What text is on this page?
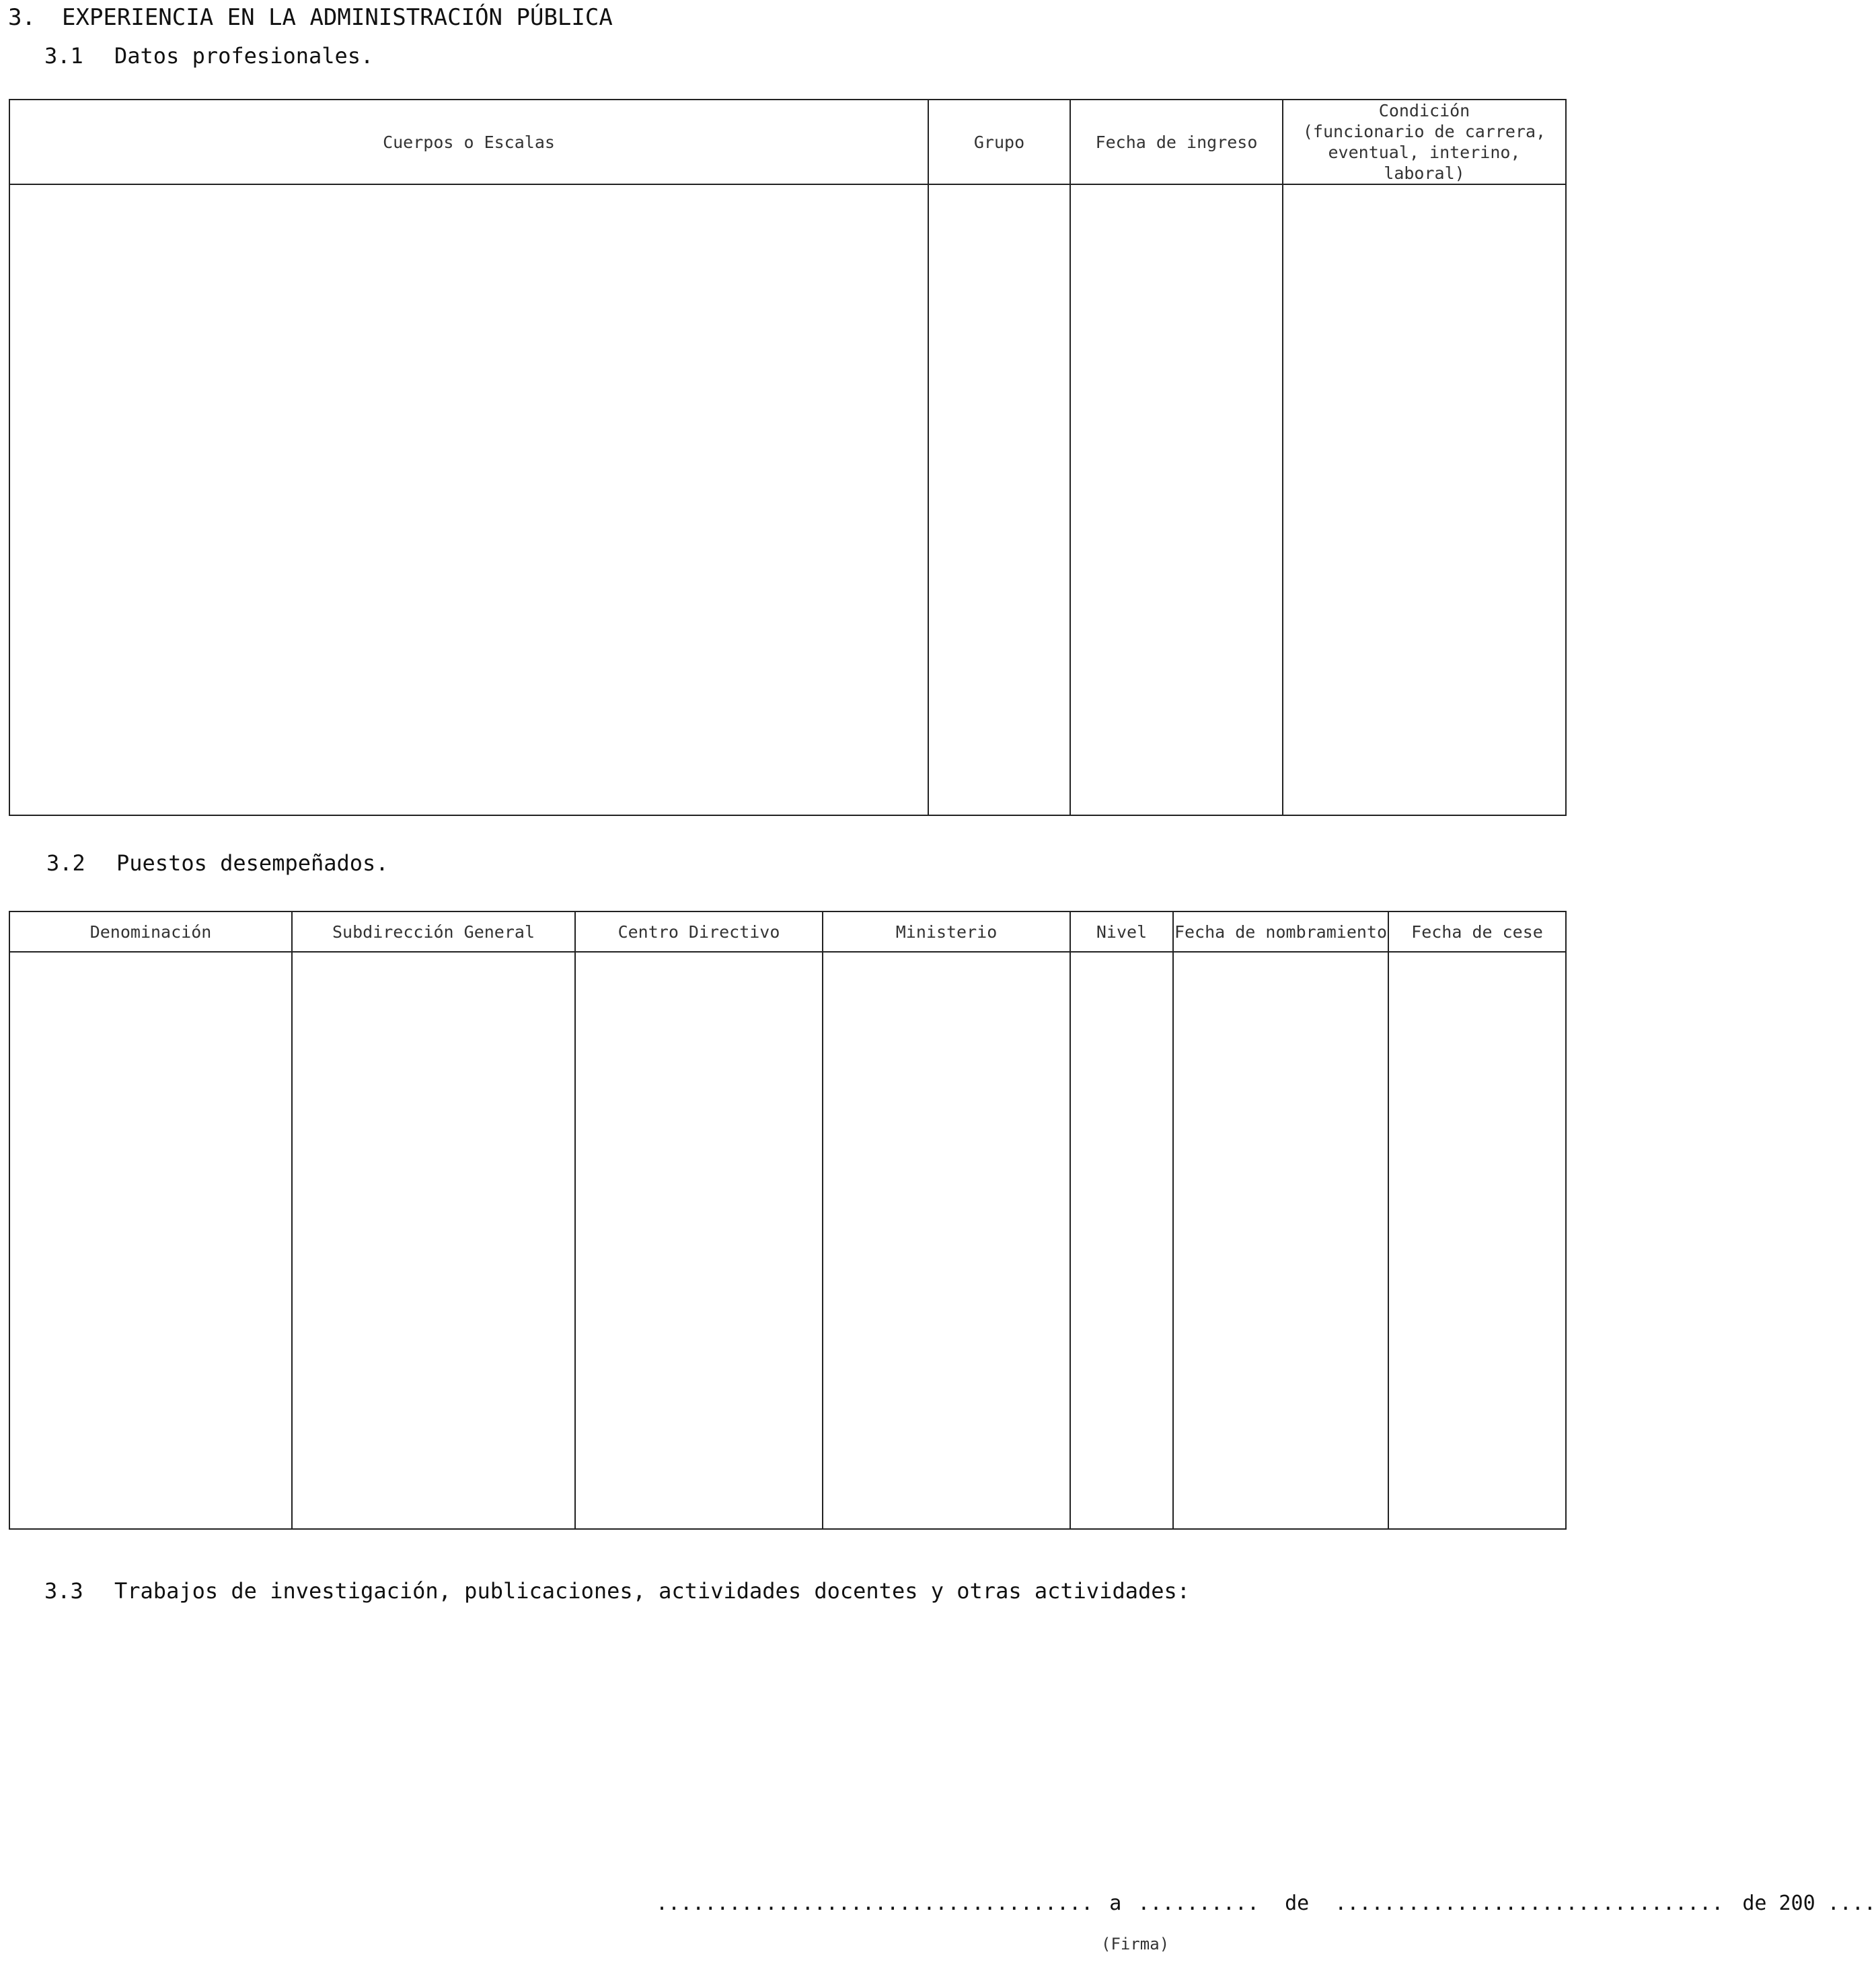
3. EXPERIENCIA EN LA ADMINISTRACIÓN PÚBLICA
3.1 Datos profesionales.
Cuerpos o Escalas	Grupo	Fecha de ingreso	Condición
(funcionario de carrera, eventual, interino, laboral)

3.2 Puestos desempeñados.
Denominación	Subdirección General	Centro Directivo	Ministerio	Nivel	Fecha de nombramiento	Fecha de cese

3.3 Trabajos de investigación, publicaciones, actividades docentes y otras actividades:
.................................... a .......... de ................................ de 200 ....
(Firma)
